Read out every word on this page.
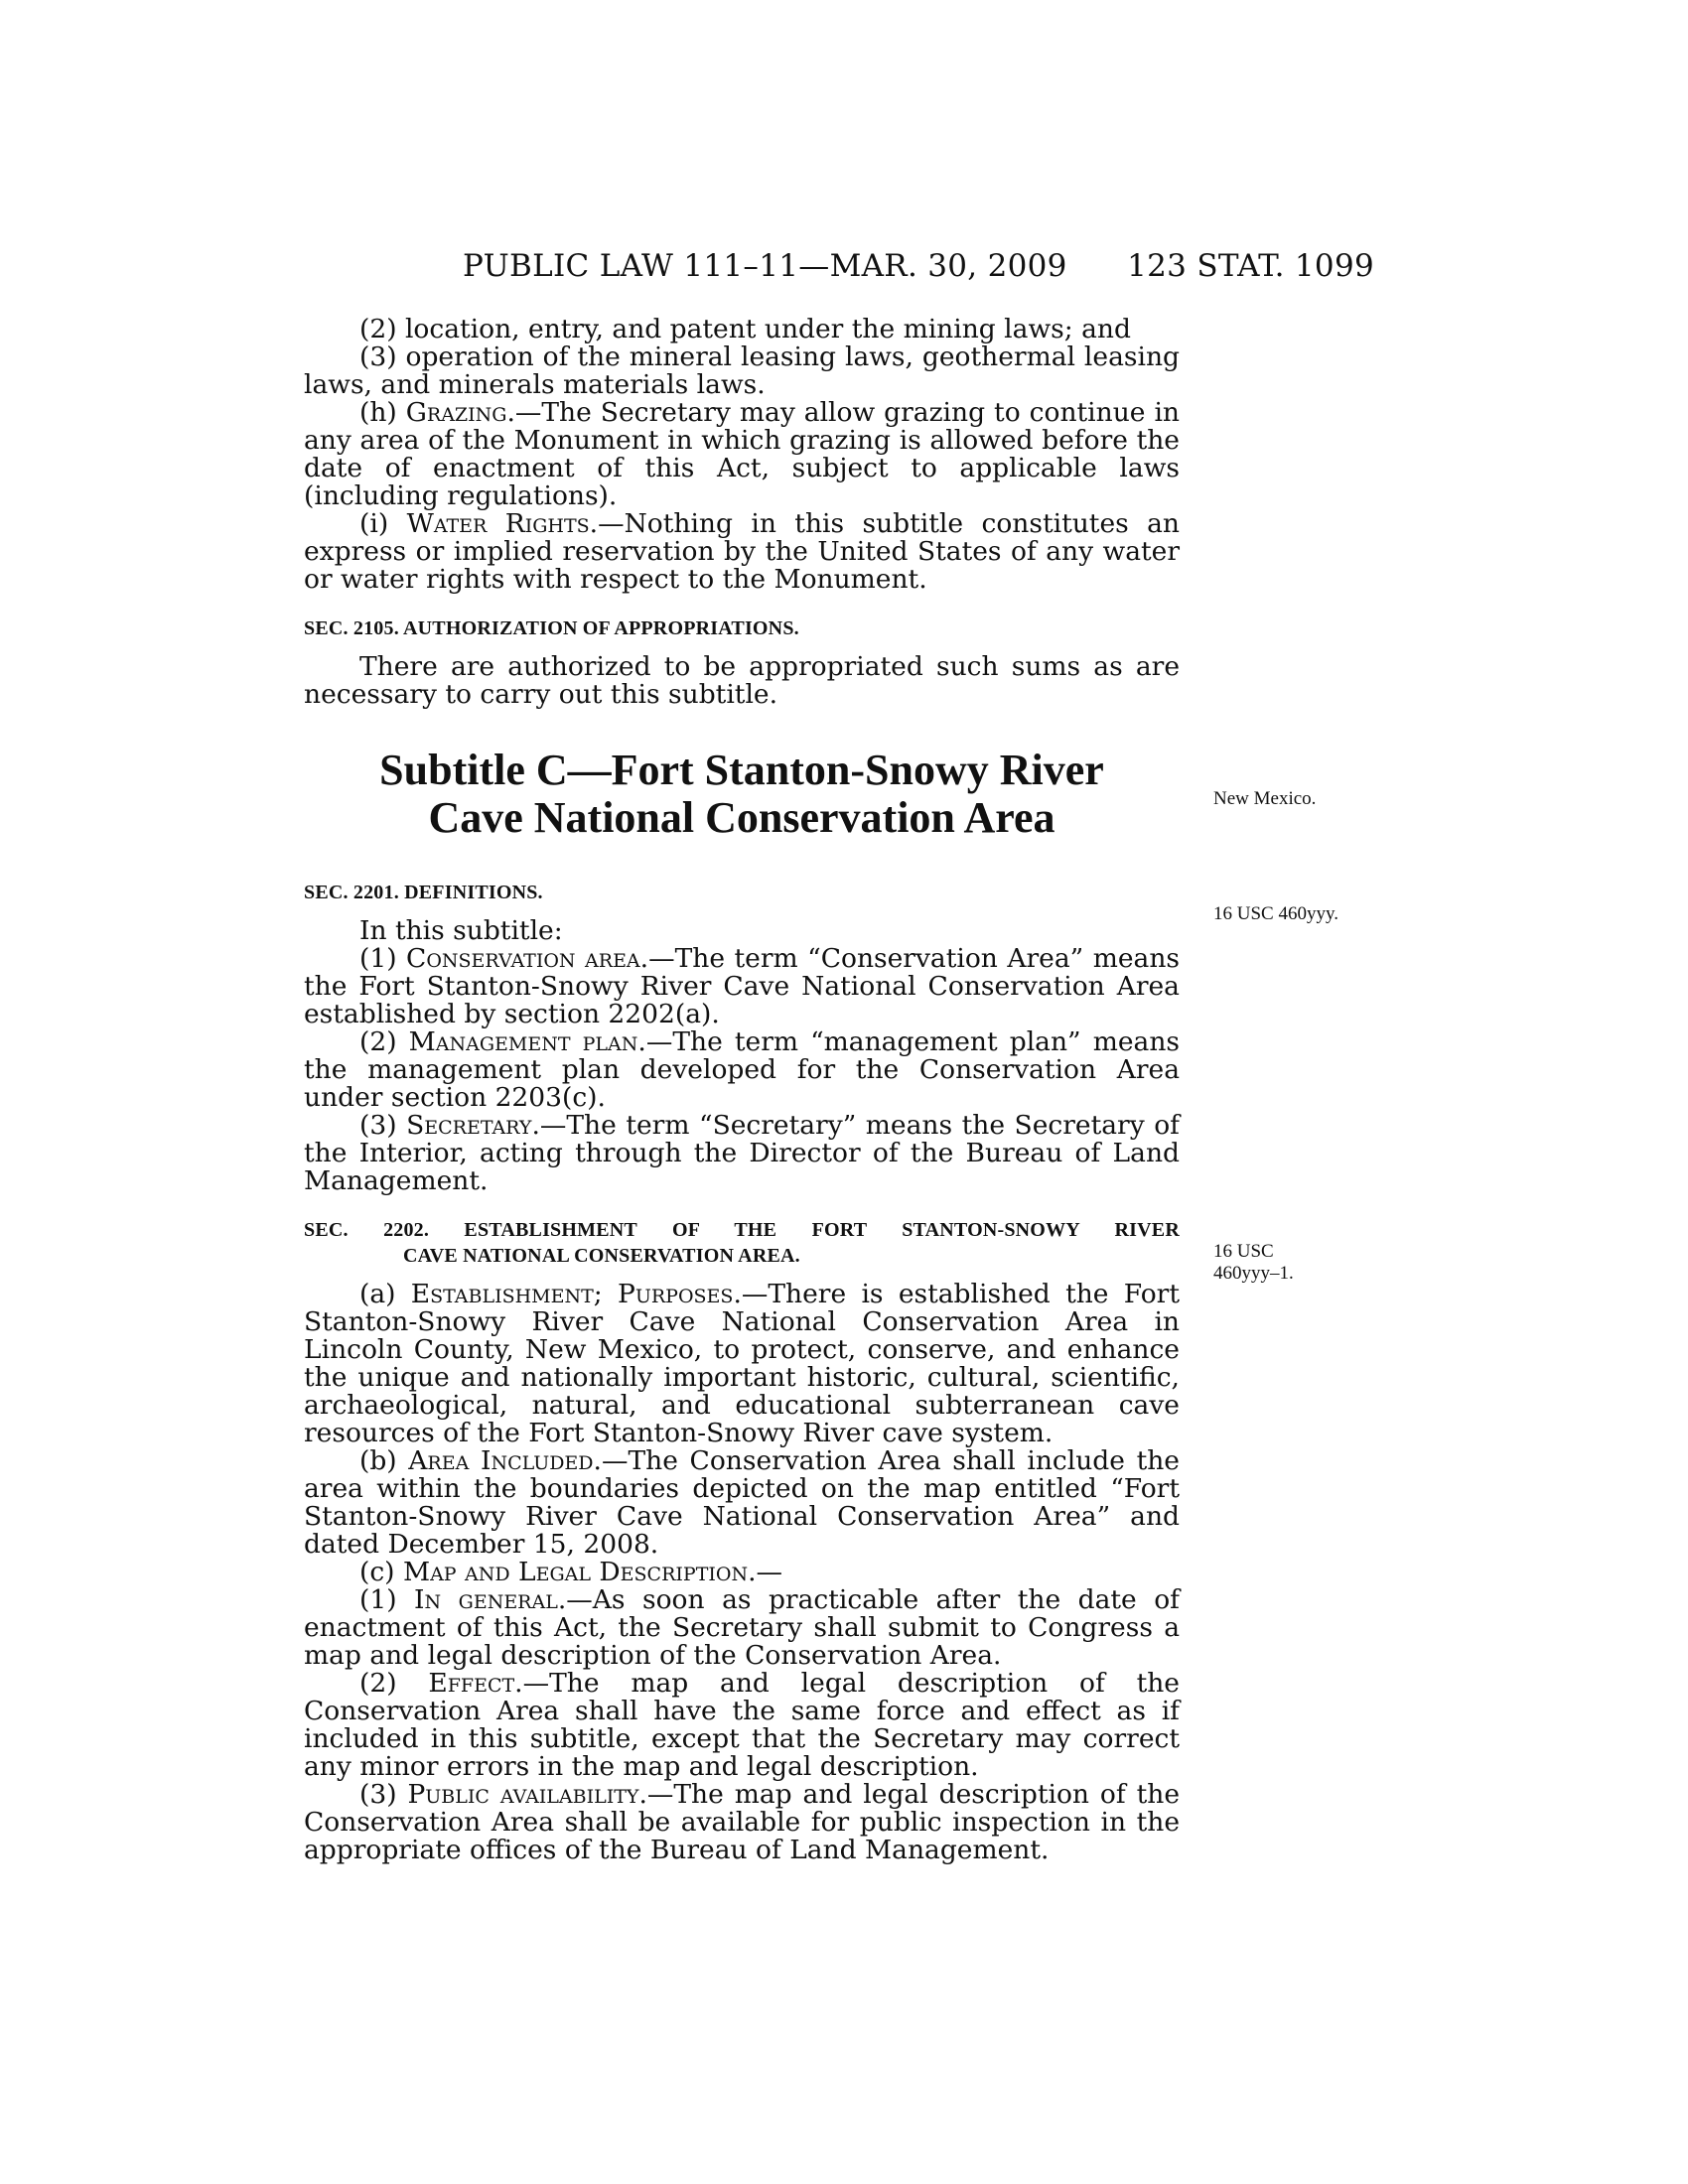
PUBLIC LAW 111–11—MAR. 30, 2009 123 STAT. 1099
New Mexico.
16 USC 460yyy.
16 USC
460yyy–1.

(2) location, entry, and patent under the mining laws; and

(3) operation of the mineral leasing laws, geothermal leasing laws, and minerals materials laws.

(h) Grazing.—The Secretary may allow grazing to continue in any area of the Monument in which grazing is allowed before the date of enactment of this Act, subject to applicable laws (including regulations).

(i) Water Rights.—Nothing in this subtitle constitutes an express or implied reservation by the United States of any water or water rights with respect to the Monument.

SEC. 2105. AUTHORIZATION OF APPROPRIATIONS.

There are authorized to be appropriated such sums as are necessary to carry out this subtitle.

Subtitle C—Fort Stanton-Snowy River

Cave National Conservation Area

SEC. 2201. DEFINITIONS.

In this subtitle:

(1) Conservation area.—The term “Conservation Area” means the Fort Stanton-Snowy River Cave National Conservation Area established by section 2202(a).

(2) Management plan.—The term “management plan” means the management plan developed for the Conservation Area under section 2203(c).

(3) Secretary.—The term “Secretary” means the Secretary of the Interior, acting through the Director of the Bureau of Land Management.

SEC. 2202. ESTABLISHMENT OF THE FORT STANTON-SNOWY RIVER

CAVE NATIONAL CONSERVATION AREA.

(a) Establishment; Purposes.—There is established the Fort Stanton-Snowy River Cave National Conservation Area in Lincoln County, New Mexico, to protect, conserve, and enhance the unique and nationally important historic, cultural, scientific, archaeological, natural, and educational subterranean cave resources of the Fort Stanton-Snowy River cave system.

(b) Area Included.—The Conservation Area shall include the area within the boundaries depicted on the map entitled “Fort Stanton-Snowy River Cave National Conservation Area” and dated December 15, 2008.

(c) Map and Legal Description.—

(1) In general.—As soon as practicable after the date of enactment of this Act, the Secretary shall submit to Congress a map and legal description of the Conservation Area.

(2) Effect.—The map and legal description of the Conservation Area shall have the same force and effect as if included in this subtitle, except that the Secretary may correct any minor errors in the map and legal description.

(3) Public availability.—The map and legal description of the Conservation Area shall be available for public inspection in the appropriate offices of the Bureau of Land Management.
